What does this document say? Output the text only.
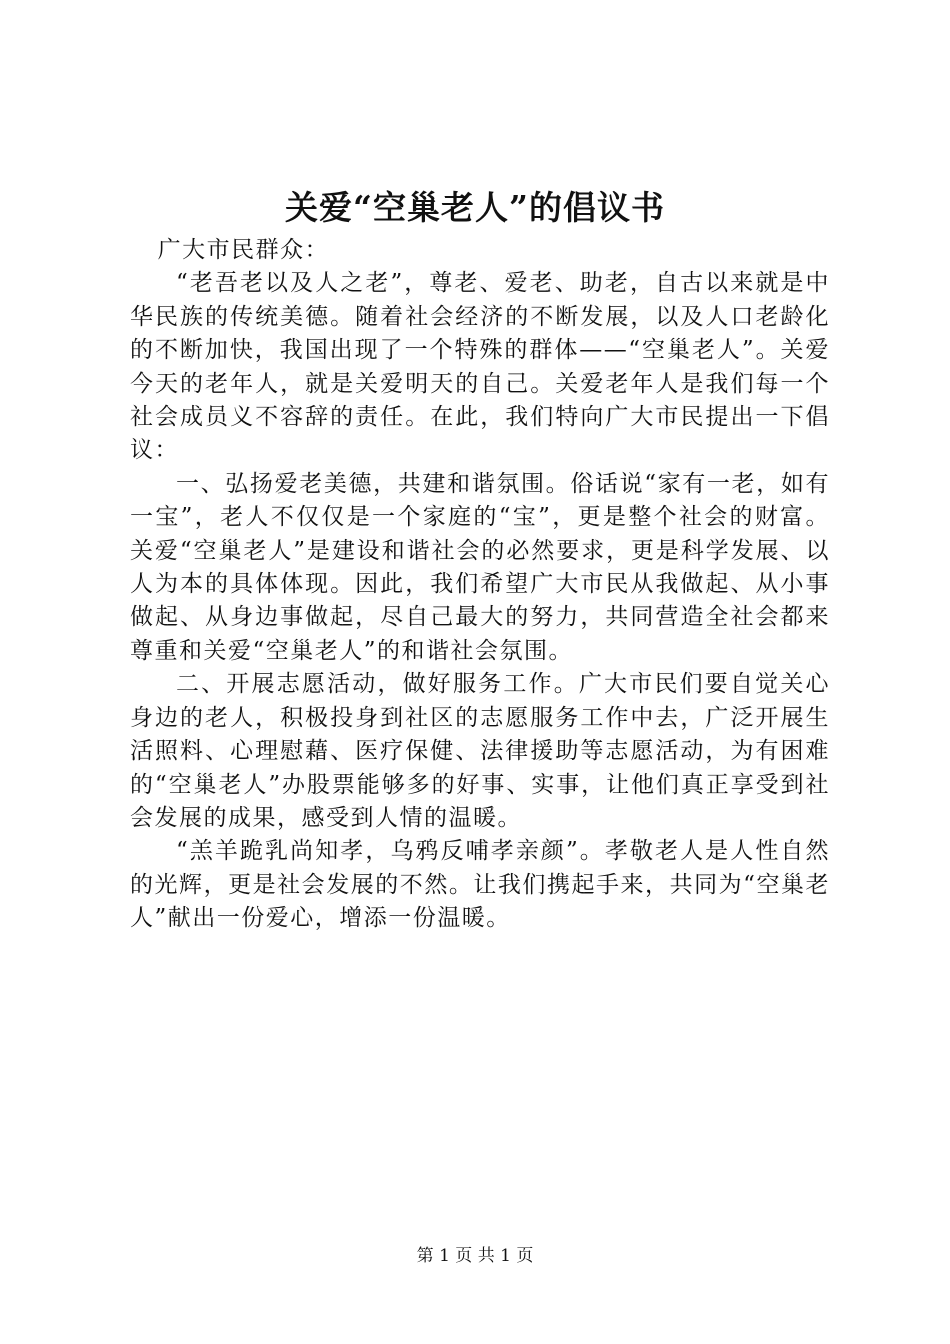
关爱“空巢老人”的倡议书

广大市民群众：

“老吾老以及人之老”，尊老、爱老、助老，自古以来就是中华民族的传统美德。随着社会经济的不断发展，以及人口老龄化的不断加快，我国出现了一个特殊的群体——“空巢老人”。关爱今天的老年人，就是关爱明天的自己。关爱老年人是我们每一个社会成员义不容辞的责任。在此，我们特向广大市民提出一下倡议：

一、弘扬爱老美德，共建和谐氛围。俗话说“家有一老，如有一宝”，老人不仅仅是一个家庭的“宝”，更是整个社会的财富。关爱“空巢老人”是建设和谐社会的必然要求，更是科学发展、以人为本的具体体现。因此，我们希望广大市民从我做起、从小事做起、从身边事做起，尽自己最大的努力，共同营造全社会都来尊重和关爱“空巢老人”的和谐社会氛围。

二、开展志愿活动，做好服务工作。广大市民们要自觉关心身边的老人，积极投身到社区的志愿服务工作中去，广泛开展生活照料、心理慰藉、医疗保健、法律援助等志愿活动，为有困难的“空巢老人”办股票能够多的好事、实事，让他们真正享受到社会发展的成果，感受到人情的温暖。

“羔羊跪乳尚知孝，乌鸦反哺孝亲颜”。孝敬老人是人性自然的光辉，更是社会发展的不然。让我们携起手来，共同为“空巢老人”献出一份爱心，增添一份温暖。

第 1 页 共 1 页
